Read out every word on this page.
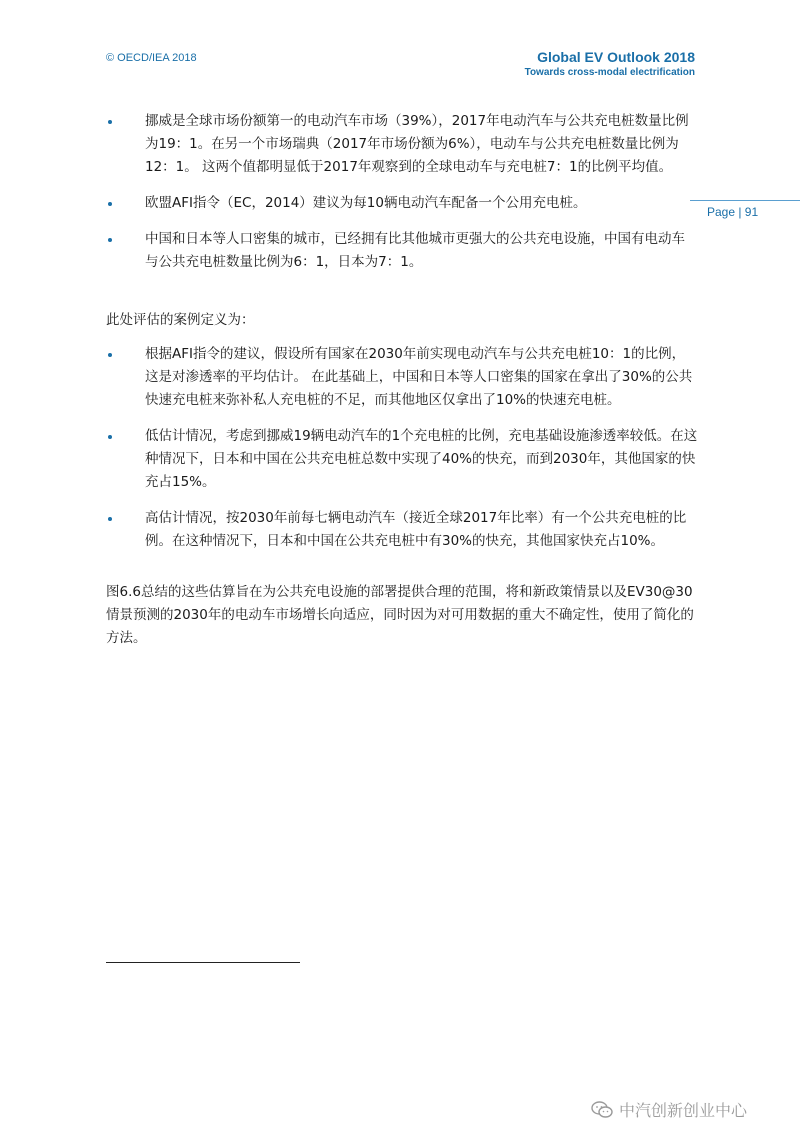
© OECD/IEA 2018	Global EV Outlook 2018
Towards cross-modal electrification
Page | 91
挪威是全球市场份额第一的电动汽车市场（39%），2017年电动汽车与公共充电桩数量比例为19：1。在另一个市场瑞典（2017年市场份额为6%），电动车与公共充电桩数量比例为12：1。 这两个值都明显低于2017年观察到的全球电动车与充电桩7：1的比例平均值。
欧盟AFI指令（EC，2014）建议为每10辆电动汽车配备一个公用充电桩。
中国和日本等人口密集的城市，已经拥有比其他城市更强大的公共充电设施，中国有电动车与公共充电桩数量比例为6：1，日本为7：1。

此处评估的案例定义为：

根据AFI指令的建议，假设所有国家在2030年前实现电动汽车与公共充电桩10：1的比例，这是对渗透率的平均估计。 在此基础上，中国和日本等人口密集的国家在拿出了30%的公共快速充电桩来弥补私人充电桩的不足，而其他地区仅拿出了10%的快速充电桩。
低估计情况，考虑到挪威19辆电动汽车的1个充电桩的比例，充电基础设施渗透率较低。在这种情况下，日本和中国在公共充电桩总数中实现了40%的快充，而到2030年，其他国家的快充占15%。
高估计情况，按2030年前每七辆电动汽车（接近全球2017年比率）有一个公共充电桩的比例。在这种情况下，日本和中国在公共充电桩中有30%的快充，其他国家快充占10%。

图6.6总结的这些估算旨在为公共充电设施的部署提供合理的范围，将和新政策情景以及EV30@30情景预测的2030年的电动车市场增长向适应，同时因为对可用数据的重大不确定性，使用了简化的方法。

中汽创新创业中心
